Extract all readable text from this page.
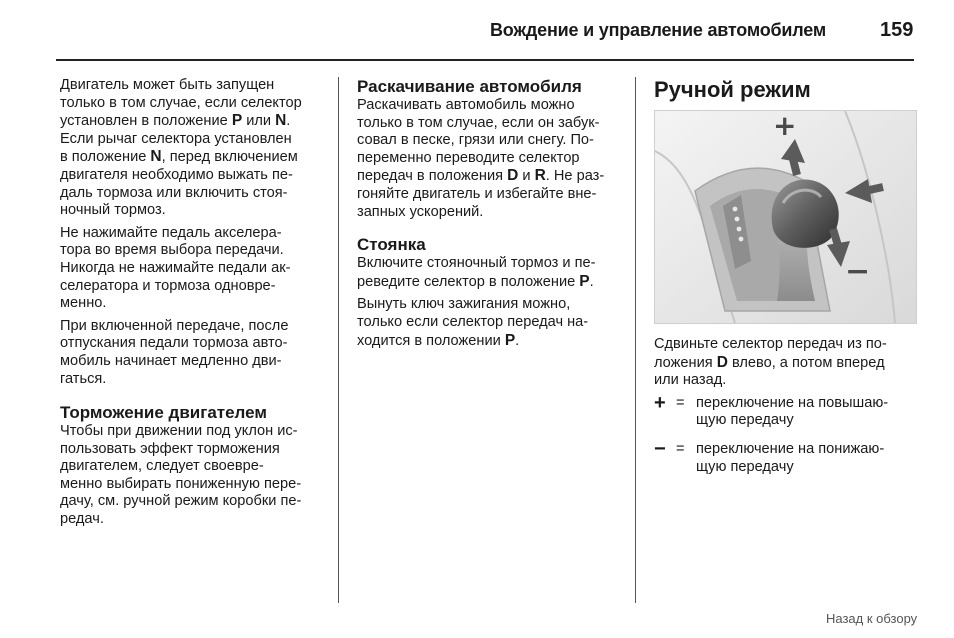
Вождение и управление автомобилем	159

Двигатель может быть запущен
только в том случае, если селектор
установлен в положение P или N.
Если рычаг селектора установлен
в положение N, перед включением
двигателя необходимо выжать пе-
даль тормоза или включить стоя-
ночный тормоз.

Не нажимайте педаль акселера-
тора во время выбора передачи.
Никогда не нажимайте педали ак-
селератора и тормоза одновре-
менно.

При включенной передаче, после
отпускания педали тормоза авто-
мобиль начинает медленно дви-
гаться.

Торможение двигателем

Чтобы при движении под уклон ис-
пользовать эффект торможения
двигателем, следует своевре-
менно выбирать пониженную пере-
дачу, см. ручной режим коробки пе-
редач.

Раскачивание автомобиля

Раскачивать автомобиль можно
только в том случае, если он забук-
совал в песке, грязи или снегу. По-
переменно переводите селектор
передач в положения D и R. Не раз-
гоняйте двигатель и избегайте вне-
запных ускорений.

Стоянка

Включите стояночный тормоз и пе-
реведите селектор в положение P.

Вынуть ключ зажигания можно,
только если селектор передач на-
ходится в положении P.

Ручной режим
+
−

Сдвиньте селектор передач из по-
ложения D влево, а потом вперед
или назад.

+ = переключение на повышаю-
щую передачу
− = переключение на понижаю-
щую передачу
Назад к обзору
